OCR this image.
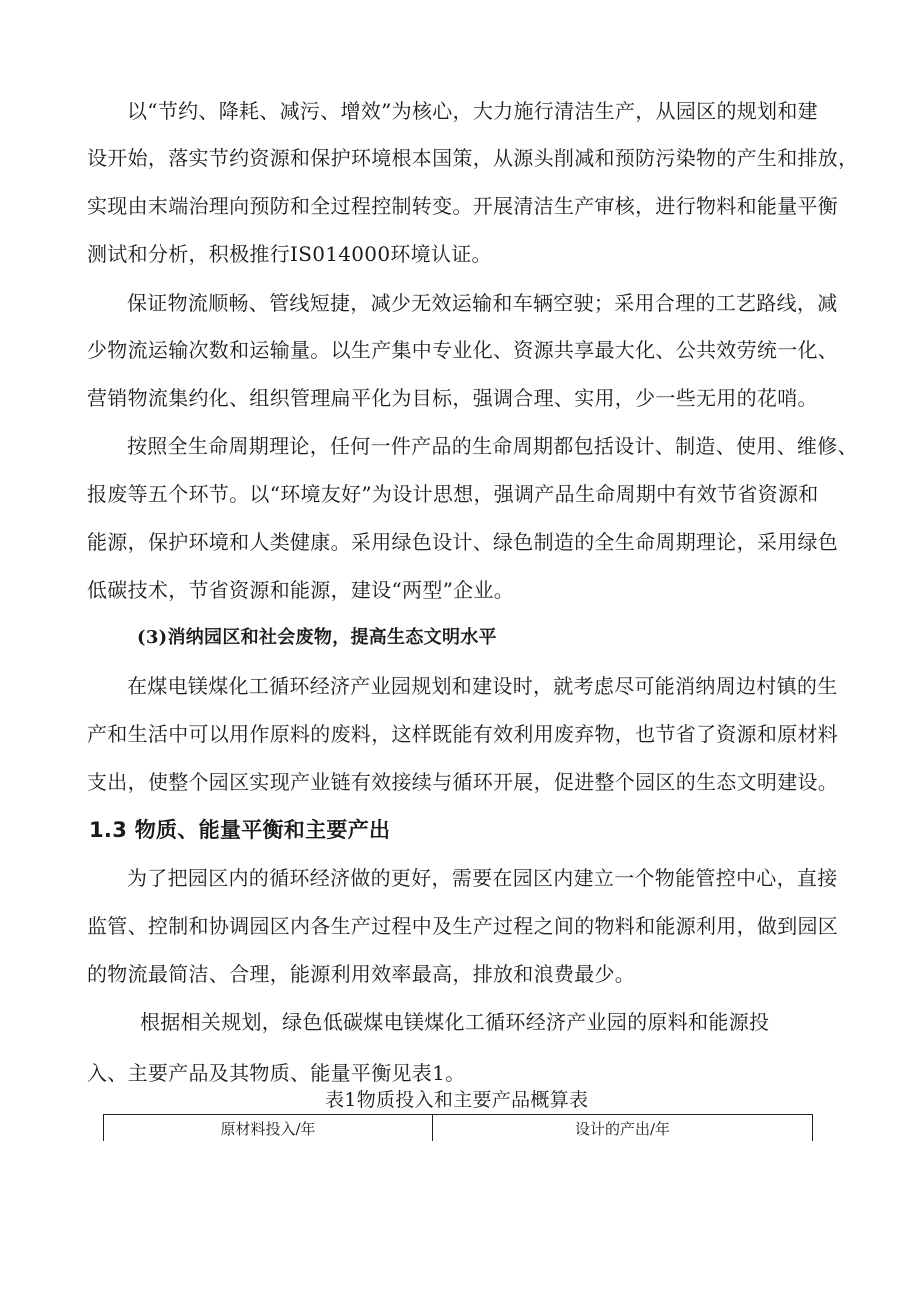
以“节约、降耗、减污、增效”为核心，大力施行清洁生产，从园区的规划和建
设开始，落实节约资源和保护环境根本国策，从源头削减和预防污染物的产生和排放，
实现由末端治理向预防和全过程控制转变。开展清洁生产审核，进行物料和能量平衡
测试和分析，积极推行IS014000环境认证。
保证物流顺畅、管线短捷，减少无效运输和车辆空驶；采用合理的工艺路线，减
少物流运输次数和运输量。以生产集中专业化、资源共享最大化、公共效劳统一化、
营销物流集约化、组织管理扁平化为目标，强调合理、实用，少一些无用的花哨。
按照全生命周期理论，任何一件产品的生命周期都包括设计、制造、使用、维修、
报废等五个环节。以“环境友好”为设计思想，强调产品生命周期中有效节省资源和
能源，保护环境和人类健康。采用绿色设计、绿色制造的全生命周期理论，采用绿色
低碳技术，节省资源和能源，建设“两型”企业。
(3)消纳园区和社会废物，提高生态文明水平
在煤电镁煤化工循环经济产业园规划和建设时，就考虑尽可能消纳周边村镇的生
产和生活中可以用作原料的废料，这样既能有效利用废弃物，也节省了资源和原材料
支出，使整个园区实现产业链有效接续与循环开展，促进整个园区的生态文明建设。
1.3 物质、能量平衡和主要产出
为了把园区内的循环经济做的更好，需要在园区内建立一个物能管控中心，直接
监管、控制和协调园区内各生产过程中及生产过程之间的物料和能源利用，做到园区
的物流最简洁、合理，能源利用效率最高，排放和浪费最少。
根据相关规划，绿色低碳煤电镁煤化工循环经济产业园的原料和能源投
入、主要产品及其物质、能量平衡见表1。
表1物质投入和主要产品概算表
原材料投入/年	设计的产出/年
